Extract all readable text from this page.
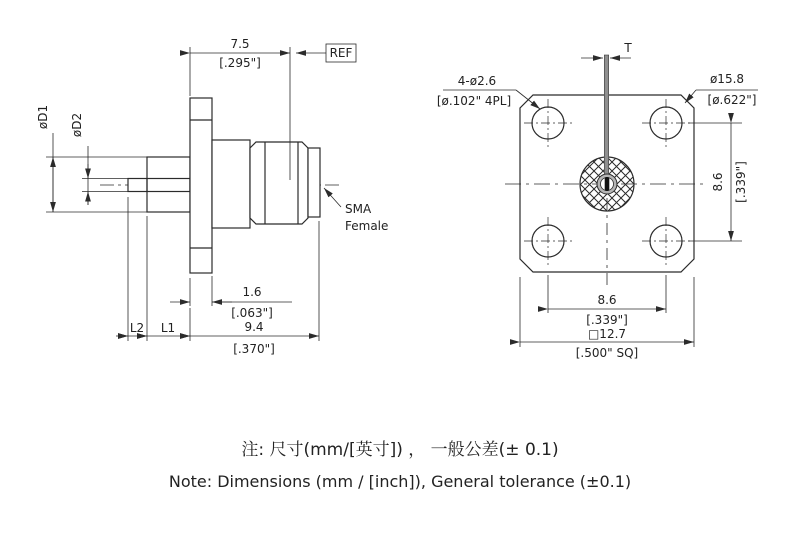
7.5
[.295"]
REF
øD1 øD2
SMA
Female
1.6
[.063"]
L2 L1	9.4
[.370"]
4-ø2.6
[ø.102" 4PL]
T
ø15.8
[ø.622"]
8.6 [.339"]
8.6
[.339"]
□12.7
[.500" SQ]
注: 尺寸(mm/[英寸]) ， 一般公差(± 0.1)
Note: Dimensions (mm / [inch]), General tolerance (±0.1)
